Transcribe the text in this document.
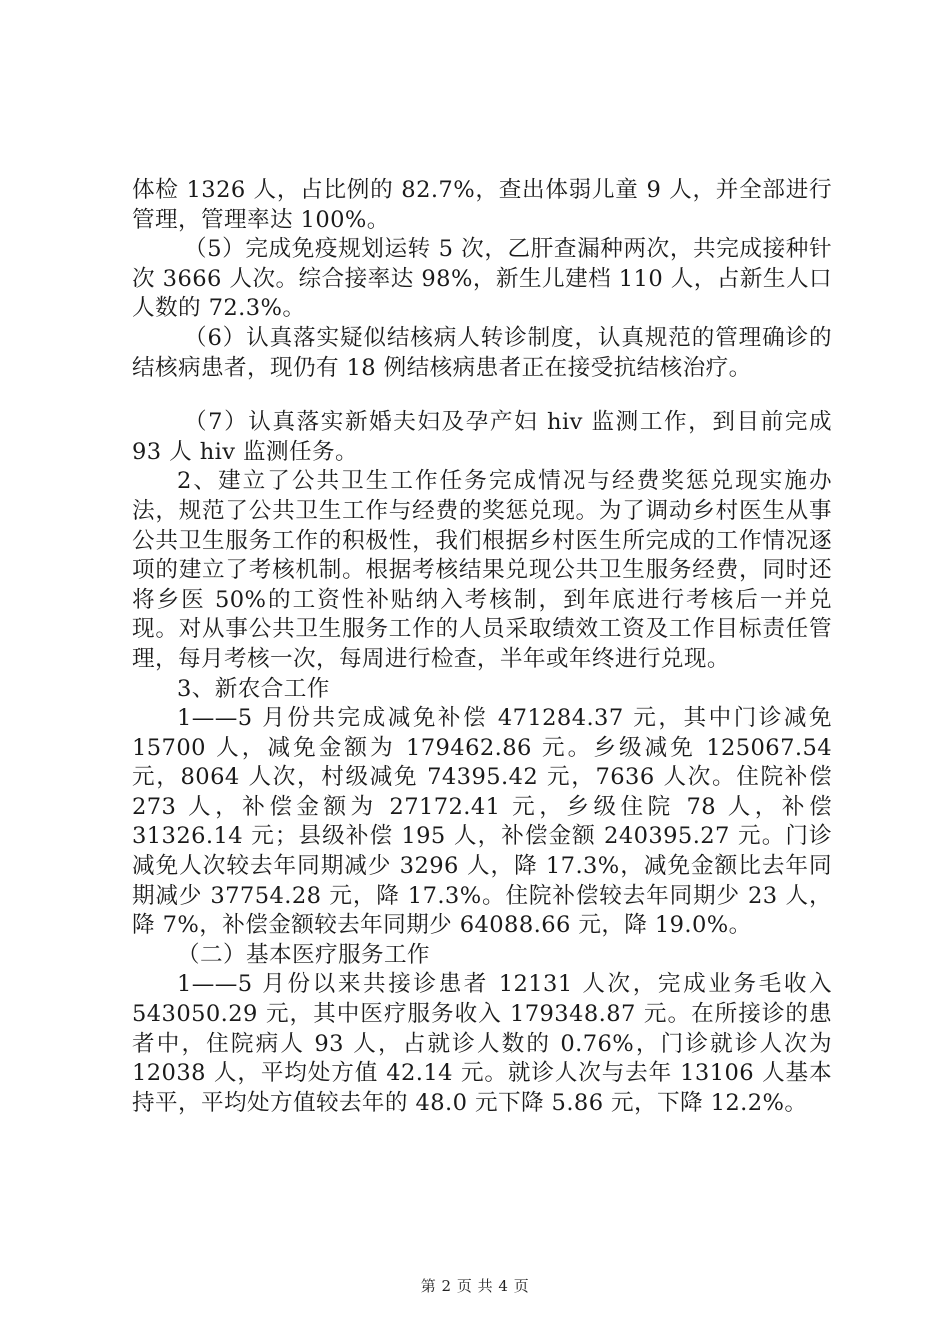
体检 1326 人，占比例的 82.7%，查出体弱儿童 9 人，并全部进行管理，管理率达 100%。

（5）完成免疫规划运转 5 次，乙肝查漏种两次，共完成接种针次 3666 人次。综合接率达 98%，新生儿建档 110 人，占新生人口人数的 72.3%。

（6）认真落实疑似结核病人转诊制度，认真规范的管理确诊的结核病患者，现仍有 18 例结核病患者正在接受抗结核治疗。

（7）认真落实新婚夫妇及孕产妇 hiv 监测工作，到目前完成 93 人 hiv 监测任务。

2、建立了公共卫生工作任务完成情况与经费奖惩兑现实施办法，规范了公共卫生工作与经费的奖惩兑现。为了调动乡村医生从事公共卫生服务工作的积极性，我们根据乡村医生所完成的工作情况逐项的建立了考核机制。根据考核结果兑现公共卫生服务经费，同时还将乡医 50%的工资性补贴纳入考核制，到年底进行考核后一并兑现。对从事公共卫生服务工作的人员采取绩效工资及工作目标责任管理，每月考核一次，每周进行检查，半年或年终进行兑现。

3、新农合工作

1——5 月份共完成减免补偿 471284.37 元，其中门诊减免 15700 人，减免金额为 179462.86 元。乡级减免 125067.54 元，8064 人次，村级减免 74395.42 元，7636 人次。住院补偿 273 人，补偿金额为 27172.41 元，乡级住院 78 人，补偿 31326.14 元；县级补偿 195 人，补偿金额 240395.27 元。门诊减免人次较去年同期减少 3296 人，降 17.3%，减免金额比去年同期减少 37754.28 元，降 17.3%。住院补偿较去年同期少 23 人，降 7%，补偿金额较去年同期少 64088.66 元，降 19.0%。

（二）基本医疗服务工作

1——5 月份以来共接诊患者 12131 人次，完成业务毛收入 543050.29 元，其中医疗服务收入 179348.87 元。在所接诊的患者中，住院病人 93 人，占就诊人数的 0.76%，门诊就诊人次为 12038 人，平均处方值 42.14 元。就诊人次与去年 13106 人基本持平，平均处方值较去年的 48.0 元下降 5.86 元，下降 12.2%。

第 2 页 共 4 页
